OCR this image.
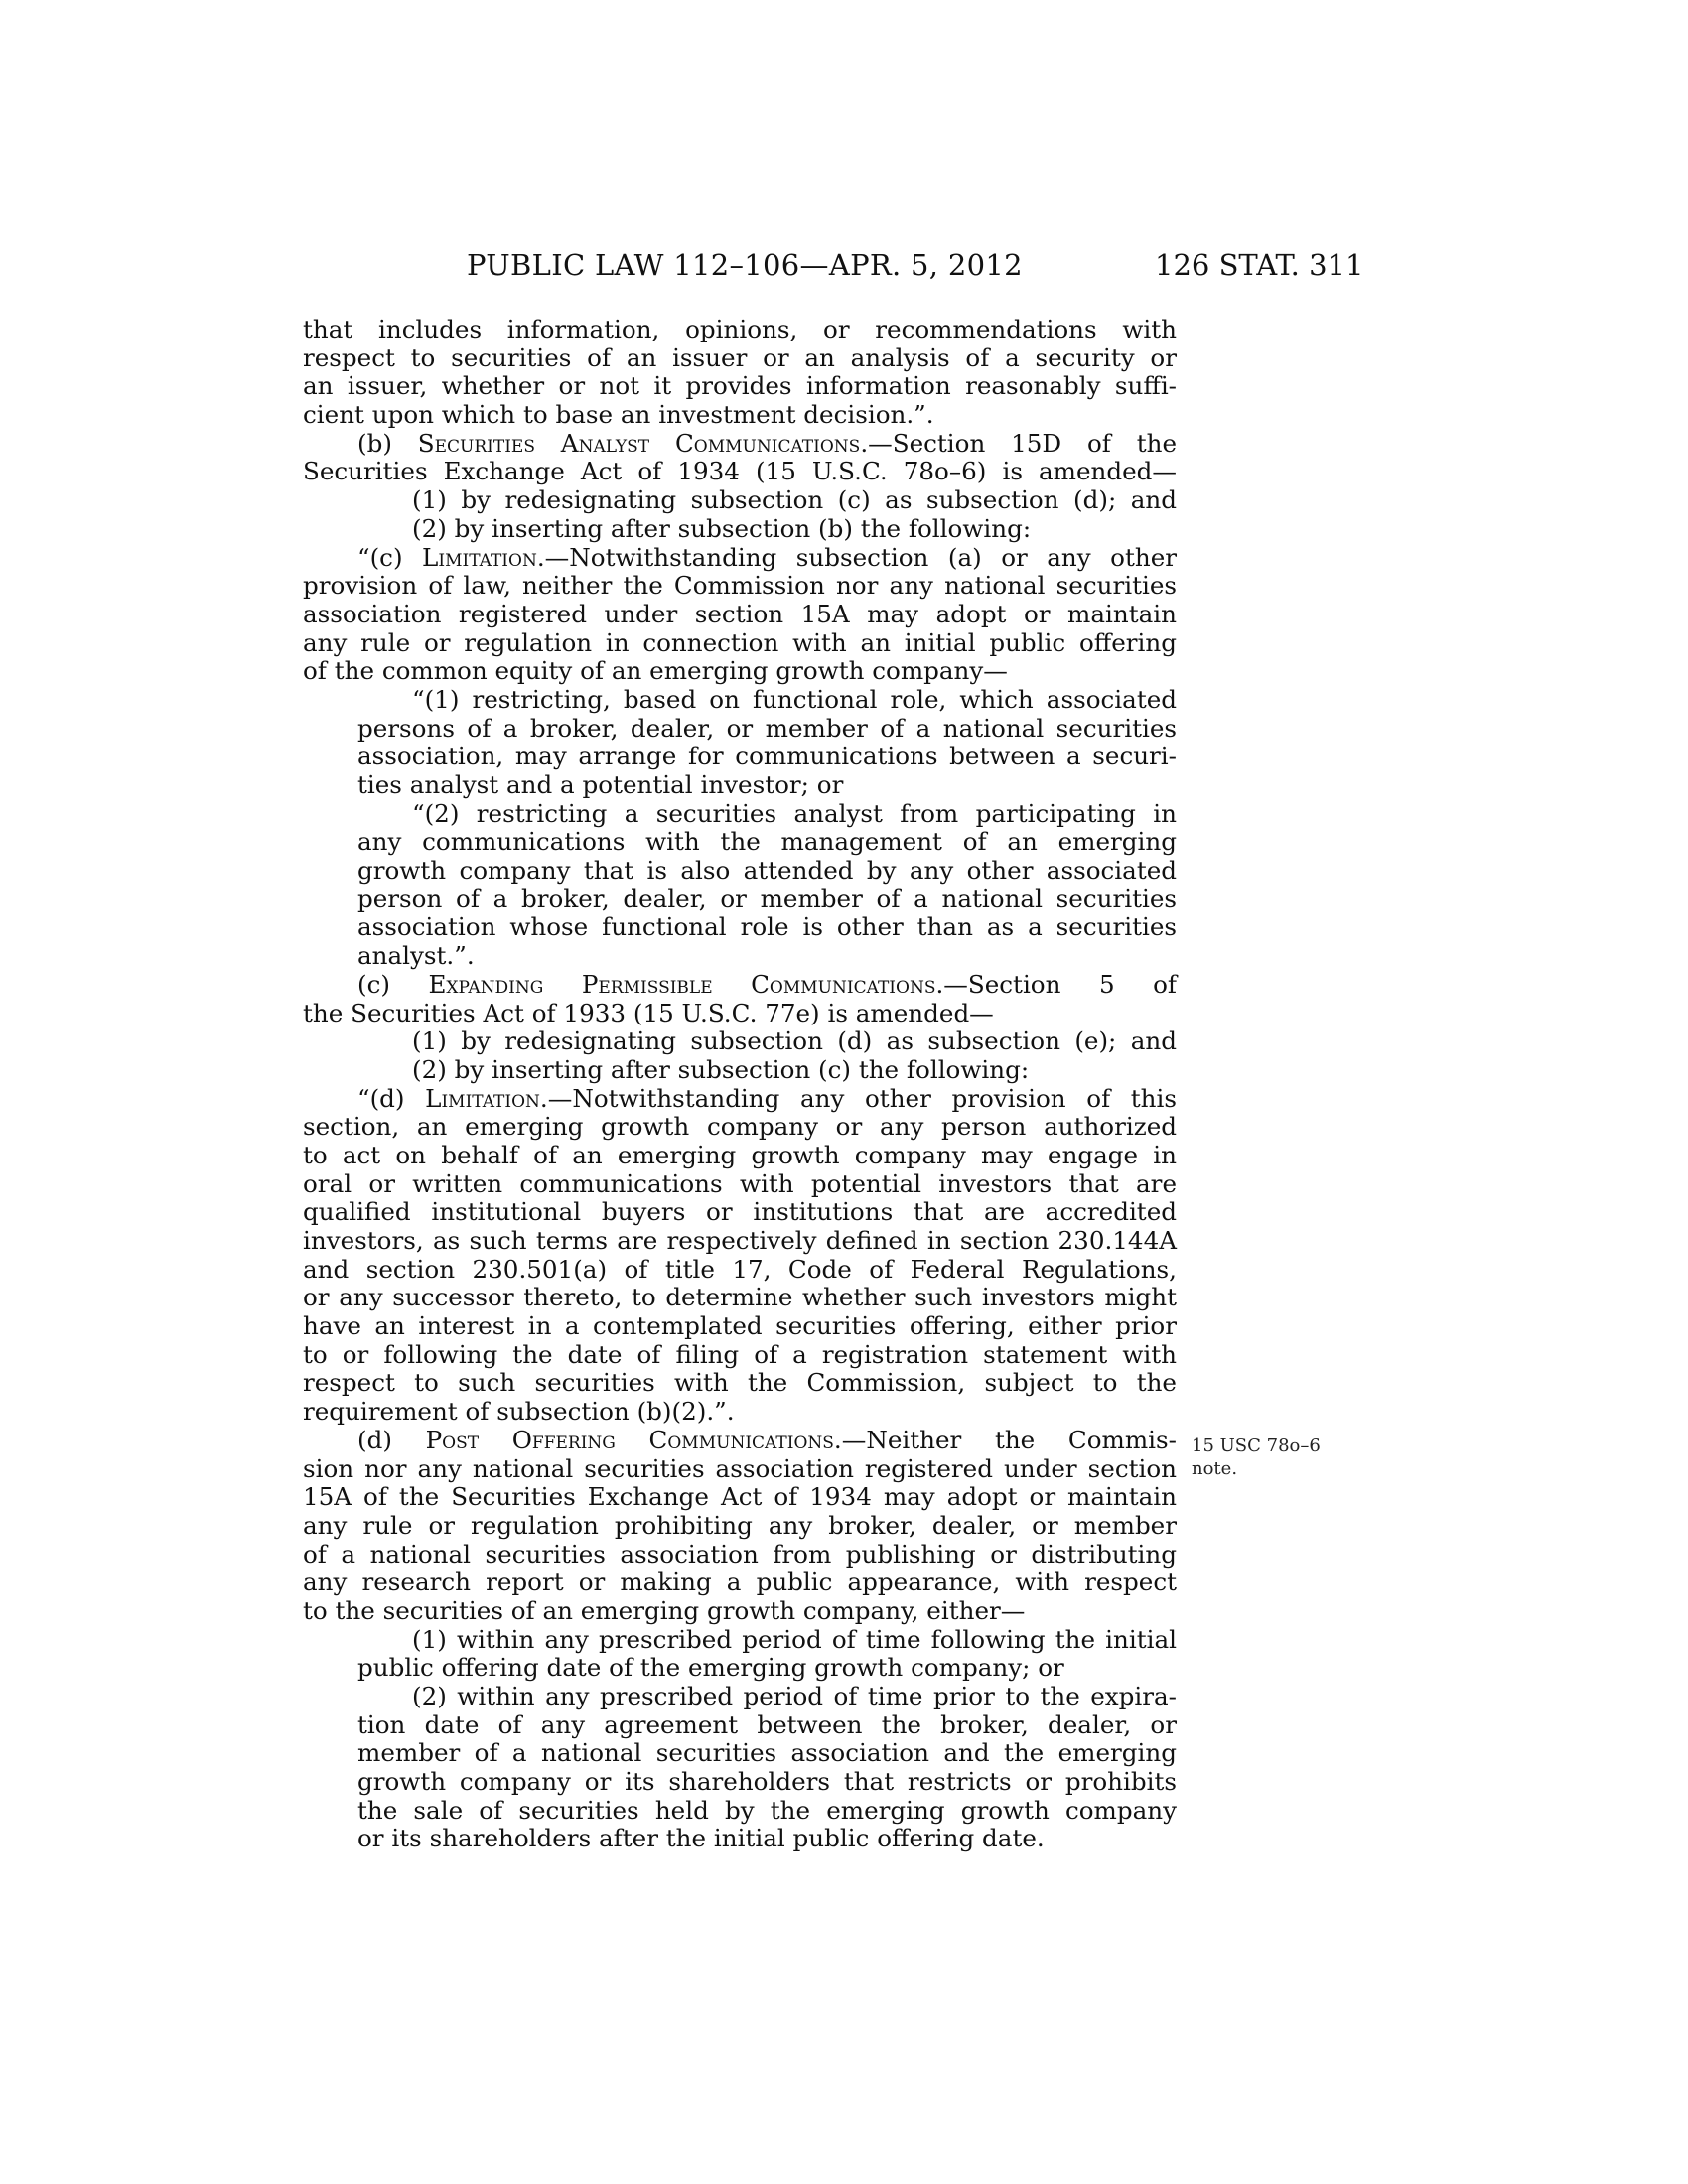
PUBLIC LAW 112–106—APR. 5, 2012	126 STAT. 311
that includes information, opinions, or recommendations with
respect to securities of an issuer or an analysis of a security or
an issuer, whether or not it provides information reasonably suffi-
cient upon which to base an investment decision.”.
(b) Securities Analyst Communications.—Section 15D of the
Securities Exchange Act of 1934 (15 U.S.C. 78o–6) is amended—
(1) by redesignating subsection (c) as subsection (d); and
(2) by inserting after subsection (b) the following:
“(c) Limitation.—Notwithstanding subsection (a) or any other
provision of law, neither the Commission nor any national securities
association registered under section 15A may adopt or maintain
any rule or regulation in connection with an initial public offering
of the common equity of an emerging growth company—
“(1) restricting, based on functional role, which associated
persons of a broker, dealer, or member of a national securities
association, may arrange for communications between a securi-
ties analyst and a potential investor; or
“(2) restricting a securities analyst from participating in
any communications with the management of an emerging
growth company that is also attended by any other associated
person of a broker, dealer, or member of a national securities
association whose functional role is other than as a securities
analyst.”.
(c) Expanding Permissible Communications.—Section 5 of
the Securities Act of 1933 (15 U.S.C. 77e) is amended—
(1) by redesignating subsection (d) as subsection (e); and
(2) by inserting after subsection (c) the following:
“(d) Limitation.—Notwithstanding any other provision of this
section, an emerging growth company or any person authorized
to act on behalf of an emerging growth company may engage in
oral or written communications with potential investors that are
qualified institutional buyers or institutions that are accredited
investors, as such terms are respectively defined in section 230.144A
and section 230.501(a) of title 17, Code of Federal Regulations,
or any successor thereto, to determine whether such investors might
have an interest in a contemplated securities offering, either prior
to or following the date of filing of a registration statement with
respect to such securities with the Commission, subject to the
requirement of subsection (b)(2).”.
(d) Post Offering Communications.—Neither the Commis-
sion nor any national securities association registered under section
15A of the Securities Exchange Act of 1934 may adopt or maintain
any rule or regulation prohibiting any broker, dealer, or member
of a national securities association from publishing or distributing
any research report or making a public appearance, with respect
to the securities of an emerging growth company, either—
(1) within any prescribed period of time following the initial
public offering date of the emerging growth company; or
(2) within any prescribed period of time prior to the expira-
tion date of any agreement between the broker, dealer, or
member of a national securities association and the emerging
growth company or its shareholders that restricts or prohibits
the sale of securities held by the emerging growth company
or its shareholders after the initial public offering date.
15 USC 78o–6
note.
